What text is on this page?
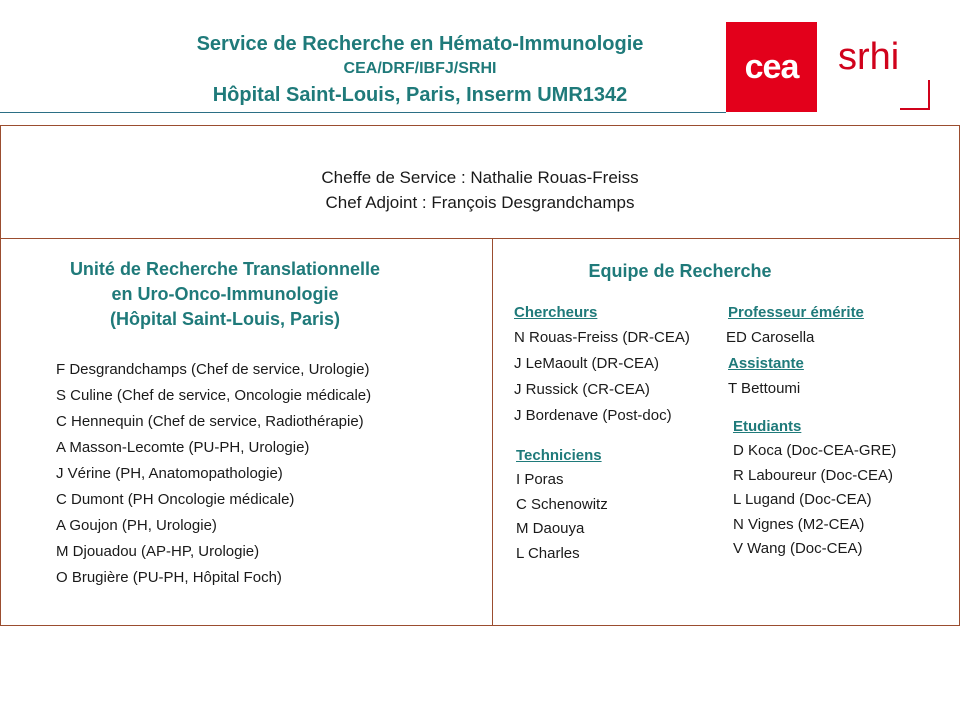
Service de Recherche en Hémato-Immunologie
CEA/DRF/IBFJ/SRHI
Hôpital Saint-Louis, Paris, Inserm UMR1342
cea	srhi
Cheffe de Service : Nathalie Rouas-Freiss
Chef Adjoint : François Desgrandchamps
Unité de Recherche Translationnelle
en Uro-Onco-Immunologie
(Hôpital Saint-Louis, Paris)
F Desgrandchamps (Chef de service, Urologie)
S Culine (Chef de service, Oncologie médicale)
C Hennequin (Chef de service, Radiothérapie)
A Masson-Lecomte (PU-PH, Urologie)
J Vérine (PH, Anatomopathologie)
C Dumont (PH Oncologie médicale)
A Goujon (PH, Urologie)
M Djouadou (AP-HP, Urologie)
O Brugière (PU-PH, Hôpital Foch)
Equipe de Recherche
Chercheurs
N Rouas-Freiss (DR-CEA)
J LeMaoult (DR-CEA)
J Russick (CR-CEA)
J Bordenave (Post-doc)
Techniciens
I Poras
C Schenowitz
M Daouya
L Charles
Professeur émérite
ED Carosella
Assistante
T Bettoumi
Etudiants
D Koca (Doc-CEA-GRE)
R Laboureur (Doc-CEA)
L Lugand (Doc-CEA)
N Vignes (M2-CEA)
V Wang (Doc-CEA)
